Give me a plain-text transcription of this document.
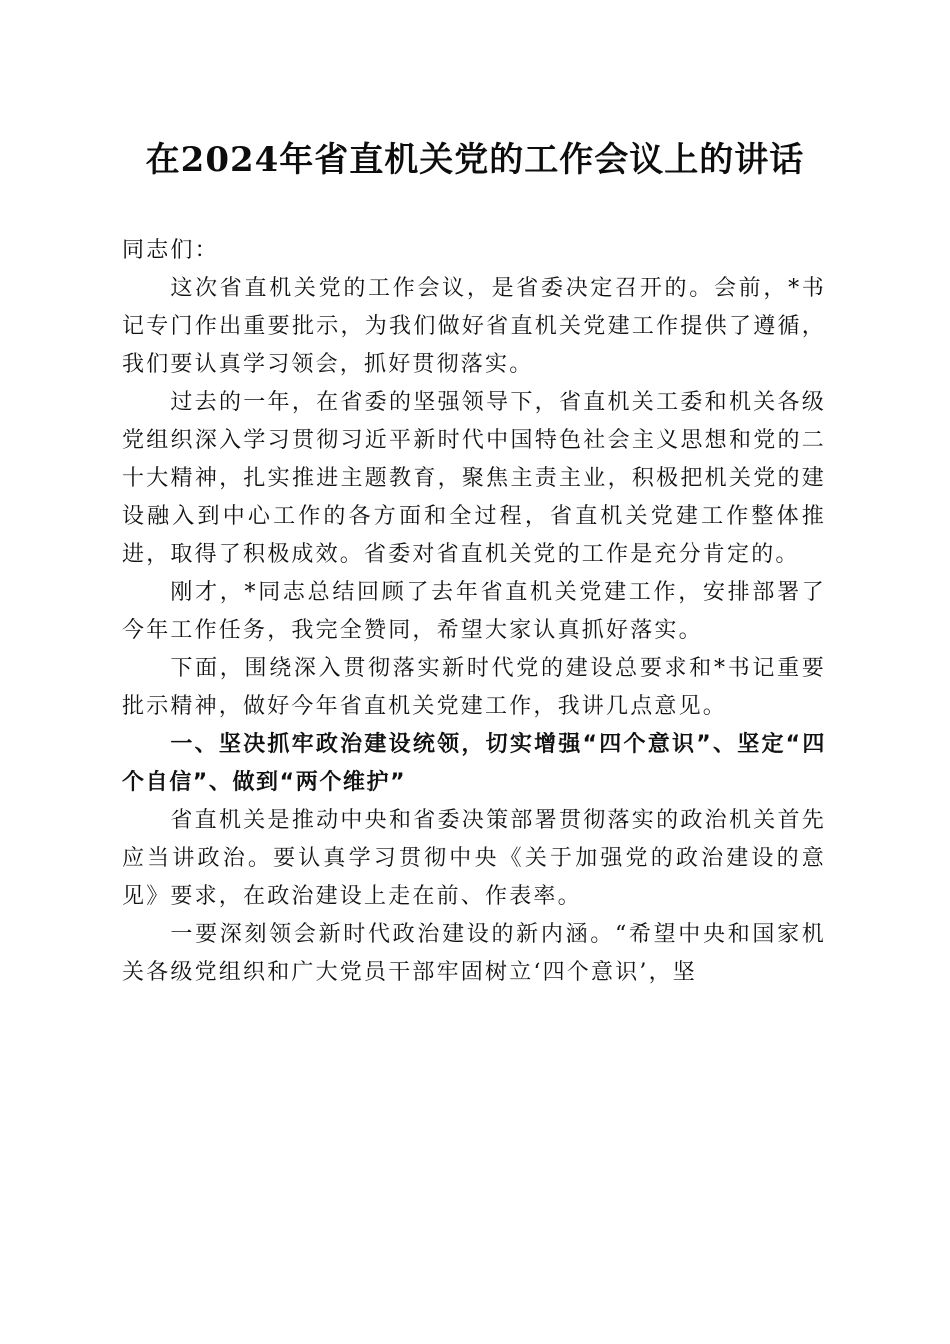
在2024年省直机关党的工作会议上的讲话

同志们：

这次省直机关党的工作会议，是省委决定召开的。会前，*书记专门作出重要批示，为我们做好省直机关党建工作提供了遵循，我们要认真学习领会，抓好贯彻落实。

过去的一年，在省委的坚强领导下，省直机关工委和机关各级党组织深入学习贯彻习近平新时代中国特色社会主义思想和党的二十大精神，扎实推进主题教育，聚焦主责主业，积极把机关党的建设融入到中心工作的各方面和全过程，省直机关党建工作整体推进，取得了积极成效。省委对省直机关党的工作是充分肯定的。

刚才，*同志总结回顾了去年省直机关党建工作，安排部署了今年工作任务，我完全赞同，希望大家认真抓好落实。

下面，围绕深入贯彻落实新时代党的建设总要求和*书记重要批示精神，做好今年省直机关党建工作，我讲几点意见。

一、坚决抓牢政治建设统领，切实增强“四个意识”、坚定“四个自信”、做到“两个维护”

省直机关是推动中央和省委决策部署贯彻落实的政治机关首先应当讲政治。要认真学习贯彻中央《关于加强党的政治建设的意见》要求，在政治建设上走在前、作表率。

一要深刻领会新时代政治建设的新内涵。“希望中央和国家机关各级党组织和广大党员干部牢固树立‘四个意识’，坚
